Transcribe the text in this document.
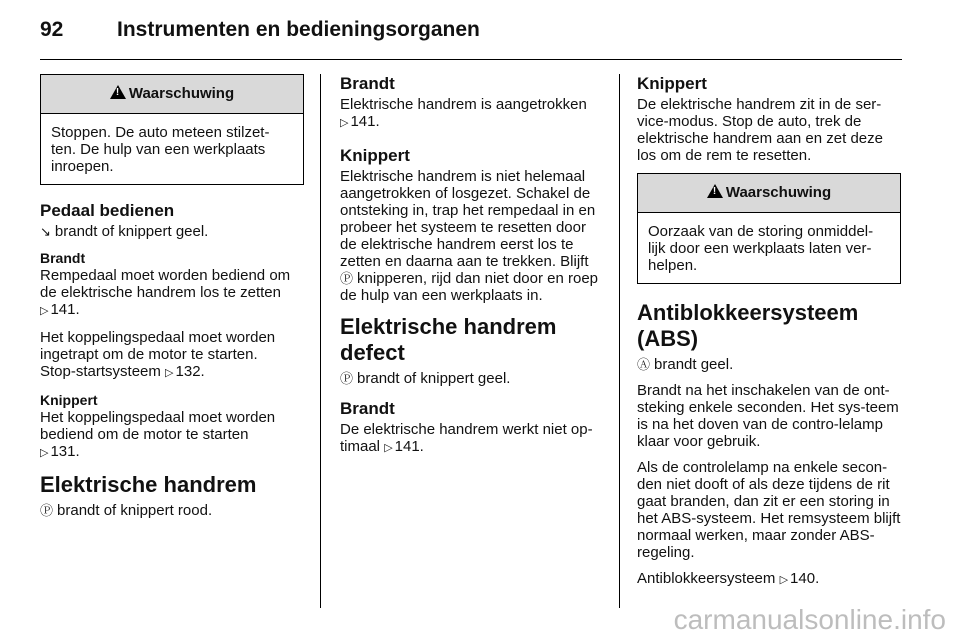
92	Instrumenten en bedieningsorganen
!Waarschuwing
Stoppen. De auto meteen stilzet-ten. De hulp van een werkplaats inroepen.
Pedaal bedienen

↘ brandt of knippert geel.

Brandt

Rempedaal moet worden bediend om de elektrische handrem los te zetten
▷ 141.

Het koppelingspedaal moet worden ingetrapt om de motor te starten.
Stop-startsysteem ▷ 132.

Knippert

Het koppelingspedaal moet worden bediend om de motor te starten
▷ 131.

Elektrische handrem

Ⓟ brandt of knippert rood.

Brandt

Elektrische handrem is aangetrokken
▷ 141.

Knippert

Elektrische handrem is niet helemaal aangetrokken of losgezet. Schakel de ontsteking in, trap het rempedaal in en probeer het systeem te resetten door de elektrische handrem eerst los te zetten en daarna aan te trekken. Blijft Ⓟ knipperen, rijd dan niet door en roep de hulp van een werkplaats in.

Elektrische handrem defect

Ⓟ brandt of knippert geel.

Brandt

De elektrische handrem werkt niet op-timaal ▷ 141.

Knippert

De elektrische handrem zit in de ser-vice-modus. Stop de auto, trek de elektrische handrem aan en zet deze los om de rem te resetten.

!Waarschuwing
Oorzaak van de storing onmiddel-lijk door een werkplaats laten ver-helpen.
Antiblokkeersysteem (ABS)

Ⓐ brandt geel.

Brandt na het inschakelen van de ont-steking enkele seconden. Het sys-teem is na het doven van de contro-lelamp klaar voor gebruik.

Als de controlelamp na enkele secon-den niet dooft of als deze tijdens de rit gaat branden, dan zit er een storing in het ABS-systeem. Het remsysteem blijft normaal werken, maar zonder ABS-regeling.

Antiblokkeersysteem ▷ 140.

carmanualsonline.info
